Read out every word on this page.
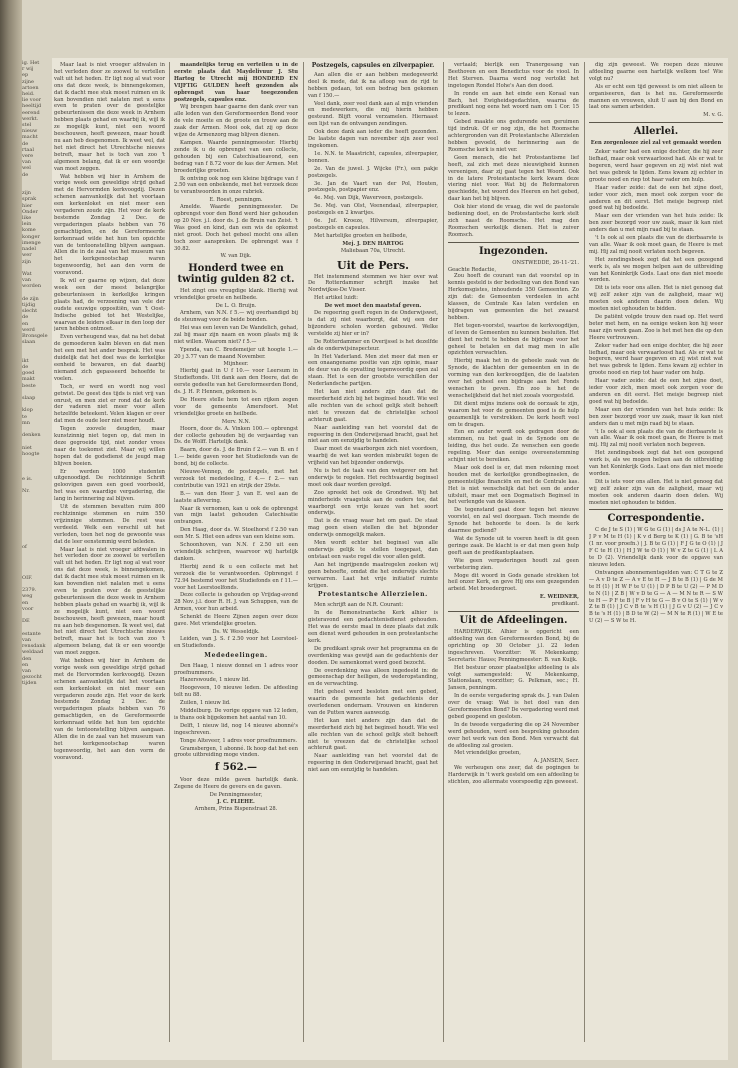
ig. Het
r wij
ep
zijne
artoen
heid.
lie voor
heeltijd
eerend
werkt.
stel
nieuw
macht
de
rtaal
vere
van
wel
de

zijn
sprak
hier
Onder
like
lein
kome
konger
imenge
nadel
wer
zijn

Wat
van
worden

de zijn
tijdig
slecht
de
en
werd
Bronsgele
slaan

ikt
de
goed
makt
beste

slaap

klop
te
mn

denken

niet
hoogte

e is.

Nr.

of

OIF.

2379.
weg
en
voor

DE

estante
van
rensdank
weldaad
den
en
van
gezocht
tijden

Maar laat is niet vroeger afdwalen in het verleden door ze zoowel te vertellen valt uit het heden. Er ligt nog al wat voor ons dat deze week, is binnengekomen, dat ik dacht mee stuk moest ruimen en ik kan bovendien niet nalaten met u eens even te praten over de geestelijke gebeurtenissen die deze week in Arnhem hebben plaats gehad en waarbij ik, wijl ik ze mogelijk kunt, niet een woord beschouwen, heeft gewezen, maar houdt nu aan heb desgenomen. Ik weet wel, dat het niet direct het Utrechtsche nieuws betreft, maar het is toch van zoo 't algemeen belang, dat ik er een woordje van moet zeggen.

Wat hebben wij hier in Arnhem de vorige week een geweldige strijd gehad met de Hervormden kerkvoogdij. Dezen schenen aanvankelijk dat het voortaan een kerkenloket en niet meer een vergaderen zoude zijn. Het voor de kerk bestemde Zondag 2 Dec. de vergaderingen plaats hebben van 76 gemachtigden, en de Gereformeerde kerkenraad wilde het hun ten opzichte van de tentoonstelling blijven aangaan. Allen die in de zaal van het museum van het kerkgenootschap waren tegenwoordig, het aan den vorm de vooravond.

Ik wil er gaarne op wijzen, dat deze week een der meest belangrijke gebeurtenissen in kerkelijke kringen plaats had, de verzoening van vele der oudste eeuwige oppositiën, van 't Oost-Indische gebied tot het Westelijke, waarvan de leiders elkaar in den loop der jaren hebben ontmoet.

Even verheugend was, dat na het debat de gemoederen kalm bleven en dat men het een met het ander besprak. Het was duidelijk dat het doel was de kerkelijke eenheid te bewaren, en dat daarbij niemand zich gepasseerd behoefde te voelen.

Toch, er werd en wordt nog veel getwist. De geest des tijds is niet vrij van onrust, en men ziet er rond dat de kerk der vaderen niet meer voor allen hetzelfde beteekent. Velen klagen er over dat men de oude leer niet meer houdt.

Tegen zoovele deugden, maar kunstzinnig niet tegen op, dat men in deze gegroeide tijd, niet zonder vrees naar de toekomst ziet. Maar wij willen hopen dat de godsdienst de jeugd mag blijven boeien.

Er werden 1000 studenten uitgenoodigd. De rechtzinnige Schrift geloovigen gaven een goed voorbeeld, het was een waardige vergadering, die lang in herinnering zal blijven.

Uit de stemmen bevatten ruim 800 rechtzinnige stemmen en ruim 550 vrijzinnige stemmen. De rest was verdeeld. Welk een verschil uit het verleden, toen het nog de gewoonte was dat de leer eenstemmig werd beleden.

Maar laat is niet vroeger afdwalen in het verleden door ze zoowel te vertellen valt uit het heden. Er ligt nog al wat voor ons dat deze week, is binnengekomen, dat ik dacht mee stuk moest ruimen en ik kan bovendien niet nalaten met u eens even te praten over de geestelijke gebeurtenissen die deze week in Arnhem hebben plaats gehad en waarbij ik, wijl ik ze mogelijk kunt, niet een woord beschouwen, heeft gewezen, maar houdt nu aan heb desgenomen. Ik weet wel, dat het niet direct het Utrechtsche nieuws betreft, maar het is toch van zoo 't algemeen belang, dat ik er een woordje van moet zeggen.

Wat hebben wij hier in Arnhem de vorige week een geweldige strijd gehad met de Hervormden kerkvoogdij. Dezen schenen aanvankelijk dat het voortaan een kerkenloket en niet meer een vergaderen zoude zijn. Het voor de kerk bestemde Zondag 2 Dec. de vergaderingen plaats hebben van 76 gemachtigden, en de Gereformeerde kerkenraad wilde het hun ten opzichte van de tentoonstelling blijven aangaan. Allen die in de zaal van het museum van het kerkgenootschap waren tegenwoordig, het aan den vorm de vooravond.

maandelijks terug en vertellen u in de eerste plaats dat Maydelivuur J. Stu Hartog te Utrecht mij HONDERD EN VIJFTIG GULDEN heeft gezonden als opbrengst van haar toegezonden postzegels, capsules enz.

Wij brengen haar gaarne den dank over van alle leden van den Gereformeerden Bond voor de vele moeite en de groote en trouw aan de zaak der Armen. Mooi ook, dat zij op deze wijze de Armenzorg mag blijven dienen.

Kampen. Waarde penningmeester. Hierbij zende ik u de opbrengst van een collecte, gehouden bij een Catechisatieavond, een bedrag van f 8.72 voor de kas der Armen. Met broederlijke groeten.

Ik ontving ook nog een kleine bijdrage van f 2.50 van een onbekende, met het verzoek deze te verantwoorden in onze rubriek.

E. Roest, penningm.

Amelde. Waarde penningmeester. De opbrengst voor den Bond werd hier gehouden op 20 Nov. j.l. door ds. J. de Bruin van Zeist. 't Was goed en kind, dan een wis de opkomst niet groot. Doch het geheel mocht ons allen toch zeer aanspreken. De opbrengst was f 30.82.

W. van Dijk.
Honderd twee en twintig gulden 82 ct.

Het zingt ons vreugdige klank. Hierhij wat vriendelijke groete en heilbede.

De L. O. Bruijn.

Arnhem, van N.N. f 5.— wij overhandigd bij de steunwag voor de beide bonden.

Hei was een leven van De Wandelich, gehad, zal bij maar zijn naam en woon plaats mij ik niet willen. Waarom niet? f 5.—

Ypenda, van C. Bredemeijer uit hoogte 1.— 20 j 3.77 van de maand November.

Mijnheer.

Hierbij gaat in U f 10.— voor Leersum in Studieftonds. Uit dank aan den Heere, dat de eerste gedeelte van het Gereformeerden Bond, ds. J. H. P. Hennen, gekomen is.

De Heere stelle hem tot een rijken zegen voor de gemeente Amersfoort. Met vriendelijke groete en heilbede.

Merv. N.N.

Hoorn, door ds. A. Vinken 100.— opbrengst der collecte gehouden bij de verjaardag van Ds. de Wolff. Hartelijk dank.

Baarn, door ds. J. de Bruin f 2.— van B. en f 1.— beide gaven voor het Studiefonds van de bond, bij de collecte.

Nieuwe-Vennep, de postzegels, met het verzoek tot mededeeling, f 4.— f 2.— van contributie van 1921 en strijk der 29ste.

B.— van den Heer J. van E. wel aan de laatste aflevering.

Naar ik vernomen, kan u ook de opbrengst van mijn laatst gehouden Catechisatie ontvangen.

Den Haag, door ds. W. Stoelhorst f 2.50 van een Mr. S. Hiet een adres van een kleine som.

Schoonhoven, van N.N. f 2.50 uit een vriendelijk schrijven, waarvoor wij hartelijk danken.

Hierbij zend ik u een collecte met het verzoek die te verantwoorden. Opbrengst f 72.94 bestemd voor het Studiefonds en f 11.— voor het Leerstoelfonds.

Deze collecte is gehouden op Vrijdag-avond 28 Nov. j.l. door R. H. J. van Schuppen, van de Armen, voor hun arbeid.

Schenkt de Heere Zijnen zegen over deze gave. Met vriendelijke groeten.

Ds. W. Wesseldijk.

Leiden, van J. S. f 2.50 voor het Leerstoel- en Studiefonds.

Mededeelingen.

Den Haag, 1 nieuw donnel en 1 adres voor proefnummers.

Hazerswoude, 1 nieuw lid.

Hoogeveen, 10 nieuwe leden. De afdeeling telt nu 88.

Zuilen, 1 nieuw lid.

Middelburg. De vorige opgave van 12 leden, is thans ook bijgekomen het aantal van 10.

Delft, 1 nieuw lid, nog 14 nieuwe abonné's ingeschreven.

Tonge Alteveer, 1 adres voor proefnummers.

Gramsbergen, 1 abonné. Ik hoop dat het een groote uitbreiding moge vinden.

f 562.—

Voor deze milde gaven hartelijk dank. Zegene de Heere de gevers en de gaven.

De Penningmeester,
J. C. FLIEHE.
Arnhem, Prins Bispenstraat 28.
Postzegels, capsules en zilverpapier.

Aan allen die er aan hebben medegewerkt deel ik mede, dat ik na afloop van de rijd te hebben gedaan, tot een bedrag ben gekomen van f 150.—

Veel dank, zeer veel dank aan al mijn vrienden en medewerkers, die mij hierin hebben gesteund. Blijft vooral verzamelen. Hiernaast een lijst van de ontvangen zendingen.

Ook deze dank aan ieder die heeft gezonden. De laatste dagen van november zijn zeer veel ingekomen.

1e. N.N. te Maastricht, capsules, zilverpapier, bonnen.

2e. Van de juwel. J. Wijcke (Fr.), een pakje postzegels.

3e. Jan de Vaart van der Pol, Houten, postzegels, postpapier enz.

4e. Mej. van Dijk, Waverveen, postzegels.

5e. Mej. van Olst, Veenendaal, zilverpapier, postzegels en 2 kwartjes.

6e. Juf. Kroeze, Hilversum, zilverpapier, postzegels en capsules.

Met hartelijke groeten en heilbede,

Mej. J. DEN HARTOG
Maliebaan 70a, Utrecht.
Uit de Pers.

Het instemmend stemmen we hier over wat De Rotterdammer schrijft inzake het Nordwijkse-De Visser.

Het artikel luidt:

De wet moet den maatstaf geven.

De regeering geeft regen in de Onderwijswet, is dat zij niet waarborgt, dat wij een der bijzondere scholen worden gebouwd. Welke verstelde zij hier er in?

De Rotterdammer en Overijssel is het dezelfde als de onderwijsinspecteur.

In Het Vaderland. Men ziet meer dat men er een onaangename positie van zijn opinie, maar de deur van de opvatting tegenwoordig open zal staan. Het is een der grootste verschillen der Nederlandsche partijen.

Het kan niet anders zijn dan dat de meerderheid zich bij het beginsel houdt. Wie wel alle rechten van de school gelijk stelt behoeft niet te vreezen dat de christelijke school achteruit gaat.

Naar aanleiding van het voorstel dat de regeering in den Onderwijsraad bracht, gaat het niet aan om eenzijdig te handelen.

Daar moet de waarborgen zich niet voordoen, waarbij de wet kan worden misbruikt tegen de vrijheid van het bijzonder onderwijs.

Nu is het de taak van den wetgever om het onderwijs te regelen. Het rechtvaardig beginsel moet ook daar worden gevolgd.

Zoo spreekt het ook de Grondwet. Wij het minderheids vraagstuk aan de ouders toe, dat waarborgt een vrije keuze van het soort onderwijs.

Dat is de vraag waar het om gaat. De staat mag geen eisen stellen die het bijzonder onderwijs onmogelijk maken.

Men wordt echter het beginsel van alle onderwijs gelijk te stellen toegepast, dan ontstaat een vaste regel die voor allen geldt.

Aan het ingrijpende maatregelen zoeken wij geen behoefte, omdat die het onderwijs slechts verwarren. Laat het vrije initiatief ruimte krijgen.

Protestantsche Allerzielen.

Men schrijft aan de N.R. Courant:

In de Remonstrantsche Kerk alhier is gisteravond een gedachtenisdienst gehouden. Het was de eerste maal in deze plaats dat zulk een dienst werd gehouden in een protestantsche kerk.

De predikant sprak over het programma en de overdenking was gewijd aan de gedachtenis der dooden. De samenkomst werd goed bezocht.

De overdenking was alleen ingedeeld in: de gemeenschap der heiligen, de wederopstanding, en de verwachting.

Het geheel werd besloten met een gebed, waarin de gemeente het gedachtenis der overledenen ondernam. Vrouwen en kinderen van de Putten waren aanwezig.

Het kan niet anders zijn dan dat de meerderheid zich bij het beginsel houdt. Wie wel alle rechten van de school gelijk stelt behoeft niet te vreezen dat de christelijke school achteruit gaat.

Naar aanleiding van het voorstel dat de regeering in den Onderwijsraad bracht, gaat het niet aan om eenzijdig te handelen.

vertaald; bierlijk een Tranergesang van Beethoven en een Benedictus voor de viool. In Het Sterven. Daarna werd nog vertolkt het ingetogen Rondel Hohe's Aan den dood.

In ronde en aan het einde een Koraal van Bach, het Ewigheidsgedachten, waarna de predikant nog eens het woord nam om 1 Cor. 15 te lezen.

Gebed maakte ons gedurende een geruimen tijd indruk. Of er nog zijn, die het Roomsche achtergronden van dit Protestantsche Allerzielen hebben gevoeld, de herinnering aan de Roomsche kerk is niet ver.

Geen mensch, die het Protestantisme lief heeft, zal zich met deze nieuwigheid kunnen vereenigen, daar zij gaat tegen het Woord. Ook in de latere Protestantsche kerk kwam deze viering niet voor. Wat bij de Reformatoren geschiedde, het woord des Heeren en het gebed, daar kan het bij blijven.

Ook hier stond de vraag, die wel de pastorale bediening doet, en de Protestantsche kerk stelt zich naast de Roomsche. Het mag den Roomschen werkelijk dienen. Het is zuiver Roomsch.

Ingezonden.
ONSTWEDDE, 26-11-'21.
Geachte Redactie,

Zou hoeft de courant van dat voorstel op in kennis gesteld is der bedoeling van den Bond van Herkomsgistes, inhoudende 350 Gemeenten. Zo zijn dat: de Gemeenten verdeelen in acht klassen, de Centrale Kas laten verdelen en bijdragen van gemeenten die het zwaarst hebben.

Het tegen-voorstel, waartoe de kerkvoogdijen, of leven de Gemeenten nu kunnen besluiten. Het dient het recht te hebben de bijdrage voor het geheel te betalen en dat mag men in alle opzichten verwachten.

Hierbij maak het in de geheele zaak van de Synode, de klachten der gemeenten en in de vorming van den kerkvoogdijen, die de laatsten over het geheel een bijdrage aan het Fonds wenschen te geven. En zoo is het de wenschelijkheid dat het niet zooals voorgesteld.

Dit dient mijns inziens ook de oorzaak te zijn, waarom het voor de gemeenten goed is de hulp gezamenlijk te verstrekken. De kerk heeft veel om te dragen.

Een en ander wordt ook gedragen door de stemmen, nu het gaat in de Synode om de leiding, dus het oude. Ze wenschen een goede regeling. Meer dan eenige overeenstemming schijnt niet te bereiken.

Maar ook doel is er, dat men rekening moet houden met de kerkelijke grondbeginselen, de gemeentelijke financiën en met de Centrale kas. Het is niet wenschelijk dat het een de ander uitsluit, maar met een Dogmatisch Beginsel in het verlengde van de klassen.

De tegenstand gaat door tegen het nieuwe voorstel, en zal wel doorgaan. Toch meende de Synode het behoorde te doen. Is de kerk daarmee gediend?

Wat de Synode uit te voeren heeft is dit geen geringe zaak. De klacht is er dat men geen hulp geeft aan de predikantsplaatsen.

Wie geen vergaderingen houdt zal geen verbetering zien.

Moge dit woord in Gods genade strekken tot heil onzer Kerk, en geve Hij ons een gezegenden arbeid. Met broedergroet.

E. WEIDNER,
predikant.
Uit de Afdeelingen.

HARDERWIJK. Alhier is opgericht een afdeeling van den Gereformeerden Bond, bij de oprichting op 30 October j.l. 22 leden ingeschreven. Voorzitter: W. Mekenkamp; Secretaris: Hauss; Penningmeester: B. van Kuijk.

Het bestuur onzer plaatselijke afdeeling is als volgt samengesteld: W. Mekenkamp, Stationslaan, voorzitter; G. Pelkman, sec.; H. Jansen, penningm.

In de eerste vergadering sprak ds. J. van Dalen over de vraag: Wat is het doel van den Gereformeerden Bond? De vergadering werd met gebed geopend en gesloten.

In de tweede vergadering die op 24 November werd gehouden, werd een bespreking gehouden over het werk van den Bond. Men verwacht dat de afdeeling zal groeien.

Met vriendelijke groeten,

A. JANSEN, Secr.

We verheugen ons zeer, dat de pogingen te Harderwijk in 't werk gesteld om een afdeeling te stichten, zoo allermate voorspoedig zijn geweest.

dig zijn geweest. We roepen deze nieuwe afdeeling gaarne een hartelijk welkom toe! Wie volgt nu?

Als er echt een tijd geweest is om niet alleen te organiseeren, dan is het nu. Gereformeerde mannen en vrouwen, sluit U aan bij den Bond en laat ons samen arbeiden.

M. v. G.
Allerlei.
Een zorgenlooze ziel zal vet gemaakt worden

Zeker vader had een enige dochter, die hij zeer liefhad, maar ook verwaarloosd had. Als er wat te begeren, werd haar gegeven en zij wist niet wat het was gebrek te lijden. Eens kwam zij echter in groote nood en riep tot haar vader om hulp.

Haar vader zeide: dat de een het zijne doet, ieder voor zich, men moet ook zorgen voor de anderen en dit eerst. Het meisje begreep niet goed wat hij bedoelde.

Maar een der vrienden van het huis zeide: Ik ben zeer bezorgd voor uw zaak, maar ik kan niet anders dan u met mijn raad bij te staan.

't Is ook al een plaats die van de dierbaarste is van alle. Waar ik ook moet gaan, de Heere is met mij. Hij zal mij nooit verlaten noch begeven.

Het zendingsboek zegt dat het een gezegend werk is, als we mogen helpen aan de uitbreiding van het Koninkrijk Gods. Laat ons dan niet moede worden.

Dit is iets voor ons allen. Het is niet genoeg dat wij zelf zeker zijn van de zaligheid, maar wij moeten ook anderen daarin doen delen. Wij moeten niet ophouden te bidden.

De patiënt volgde trouw den raad op. Het werd beter met hem, en na eenige weken kon hij weer naar zijn werk gaan. Zoo is het met hen die op den Heere vertrouwen.

Zeker vader had een enige dochter, die hij zeer liefhad, maar ook verwaarloosd had. Als er wat te begeren, werd haar gegeven en zij wist niet wat het was gebrek te lijden. Eens kwam zij echter in groote nood en riep tot haar vader om hulp.

Haar vader zeide: dat de een het zijne doet, ieder voor zich, men moet ook zorgen voor de anderen en dit eerst. Het meisje begreep niet goed wat hij bedoelde.

Maar een der vrienden van het huis zeide: Ik ben zeer bezorgd voor uw zaak, maar ik kan niet anders dan u met mijn raad bij te staan.

't Is ook al een plaats die van de dierbaarste is van alle. Waar ik ook moet gaan, de Heere is met mij. Hij zal mij nooit verlaten noch begeven.

Het zendingsboek zegt dat het een gezegend werk is, als we mogen helpen aan de uitbreiding van het Koninkrijk Gods. Laat ons dan niet moede worden.

Dit is iets voor ons allen. Het is niet genoeg dat wij zelf zeker zijn van de zaligheid, maar wij moeten ook anderen daarin doen delen. Wij moeten niet ophouden te bidden.

Correspondentie.

C de J te S (1) | W G te G (1) | ds J A te N-L. (1) | J P v M te H (1) | K v d Berg te K (1) | G. B te 'sH (1 nr. voor proefn.) | J. B te G (1) | F J G te O (1) | J F C te H (1) | H J W te O (1) | W v Z te G (1) | L A te D (2). Vriendelijk dank voor de opgave van nieuwe leden.

Ontvangen abonnementsgelden van: C T G te Z — A v D te Z — A v E te H — J B te B (1) | G de M te H (1) | H W F te U (1) | D P B te U (2) — P M D te N (1) | Z B | W v D te G — A — M N te R — S W te H — P F te B | F v H te G — B v O te S (1) | W v Z te B (1) | J C v B te 's H (1) | J G v U (2) — J C v B te 's H (1) | B D te W (2) — M N te R (1) | W E te U (2) — S W te H.
